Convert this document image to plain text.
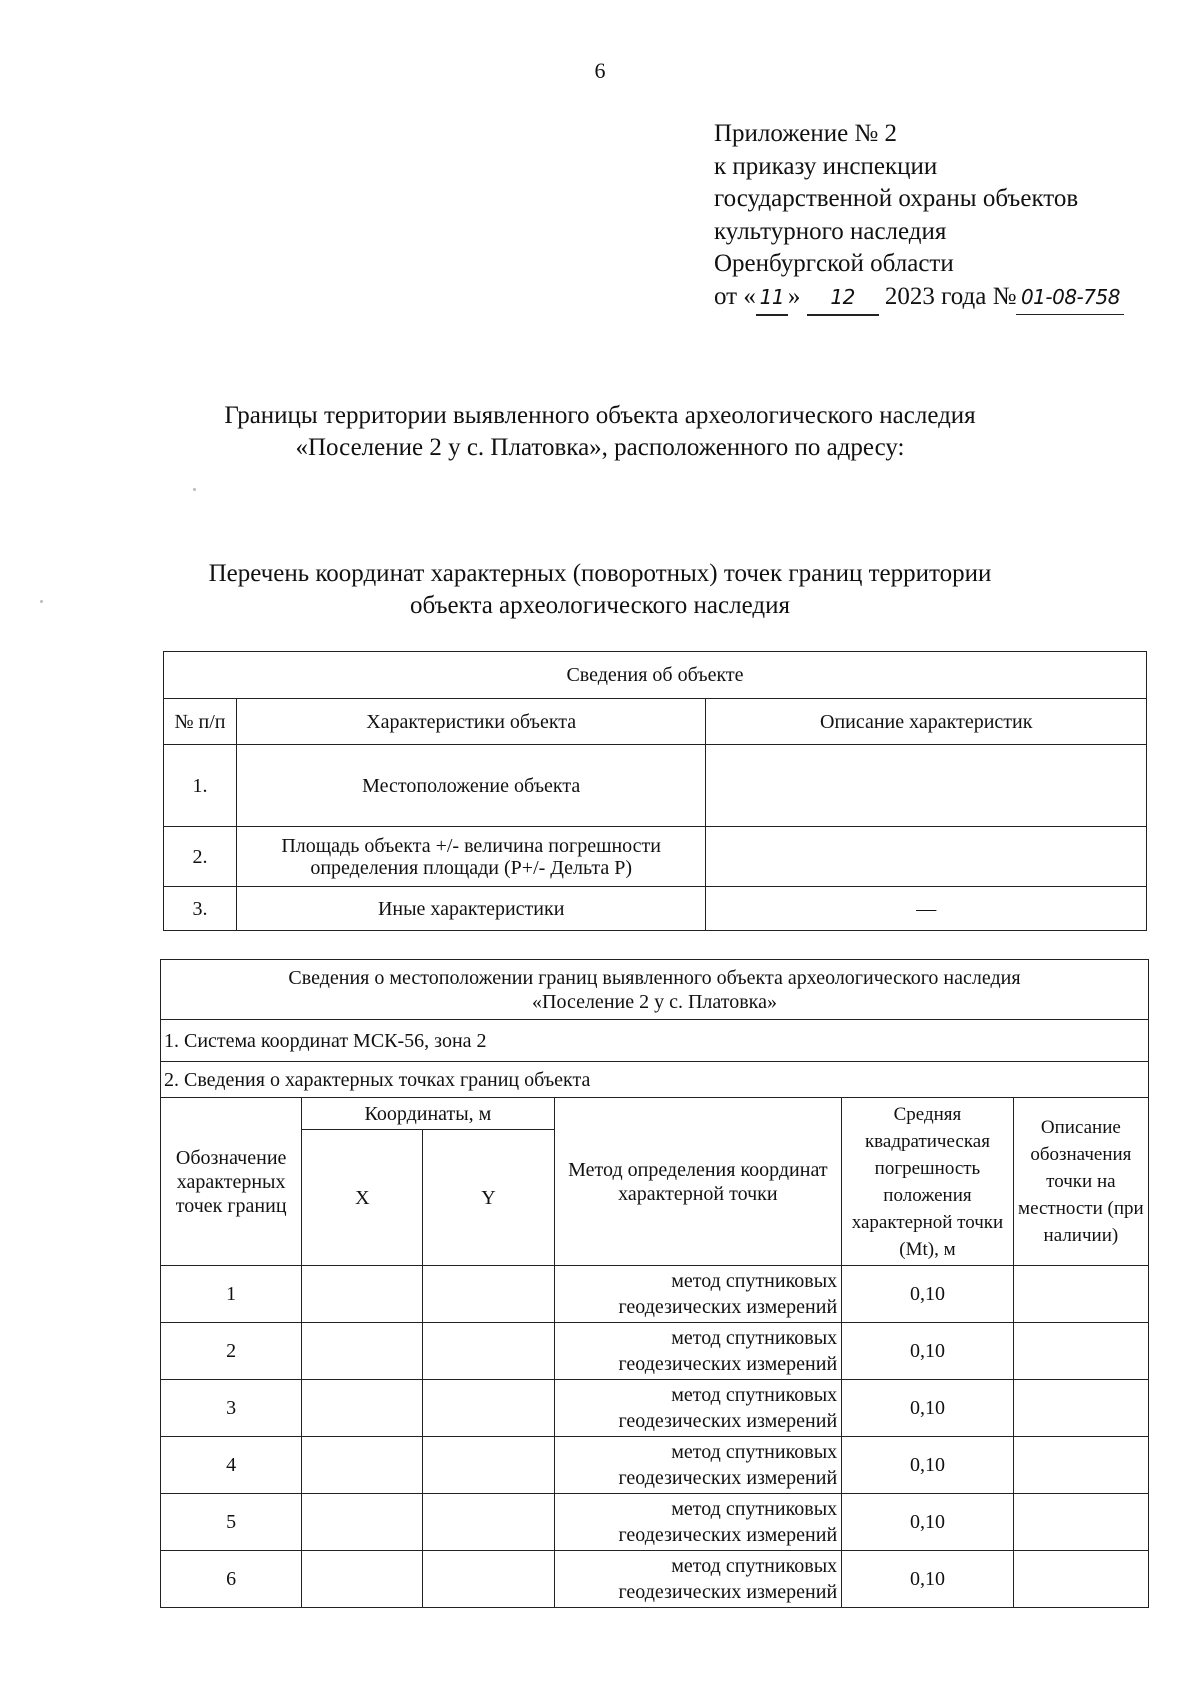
6
Приложение № 2
к приказу инспекции
государственной охраны объектов
культурного наследия
Оренбургской области
от « 11 » 12 2023 года № 01-08-758
Границы территории выявленного объекта археологического наследия
«Поселение 2 у с. Платовка», расположенного по адресу:
Перечень координат характерных (поворотных) точек границ территории
объекта археологического наследия
Сведения об объекте		
№ п/п	Характеристики объекта	Описание характеристик
1.	Местоположение объекта	
2.	Площадь объекта +/- величина погрешности
определения площади (Р+/- Дельта Р)	

3.	Иные характеристики	—
Сведения о местоположении границ выявленного объекта археологического наследия
«Поселение 2 у с. Платовка»					

1. Система координат МСК-56, зона 2					
2. Сведения о характерных точках границ объекта					
Обозначение характерных точек границ	Координаты, м		Метод определения координат характерной точки	Средняя квадратическая погрешность положения характерной точки (Mt), м	Описание обозначения точки на местности (при наличии)
	X	Y			
1			метод спутниковых
геодезических измерений	0,10	
2			метод спутниковых
геодезических измерений	0,10	
3			метод спутниковых
геодезических измерений	0,10	
4			метод спутниковых
геодезических измерений	0,10	
5			метод спутниковых
геодезических измерений	0,10	
6			метод спутниковых
геодезических измерений	0,10	
